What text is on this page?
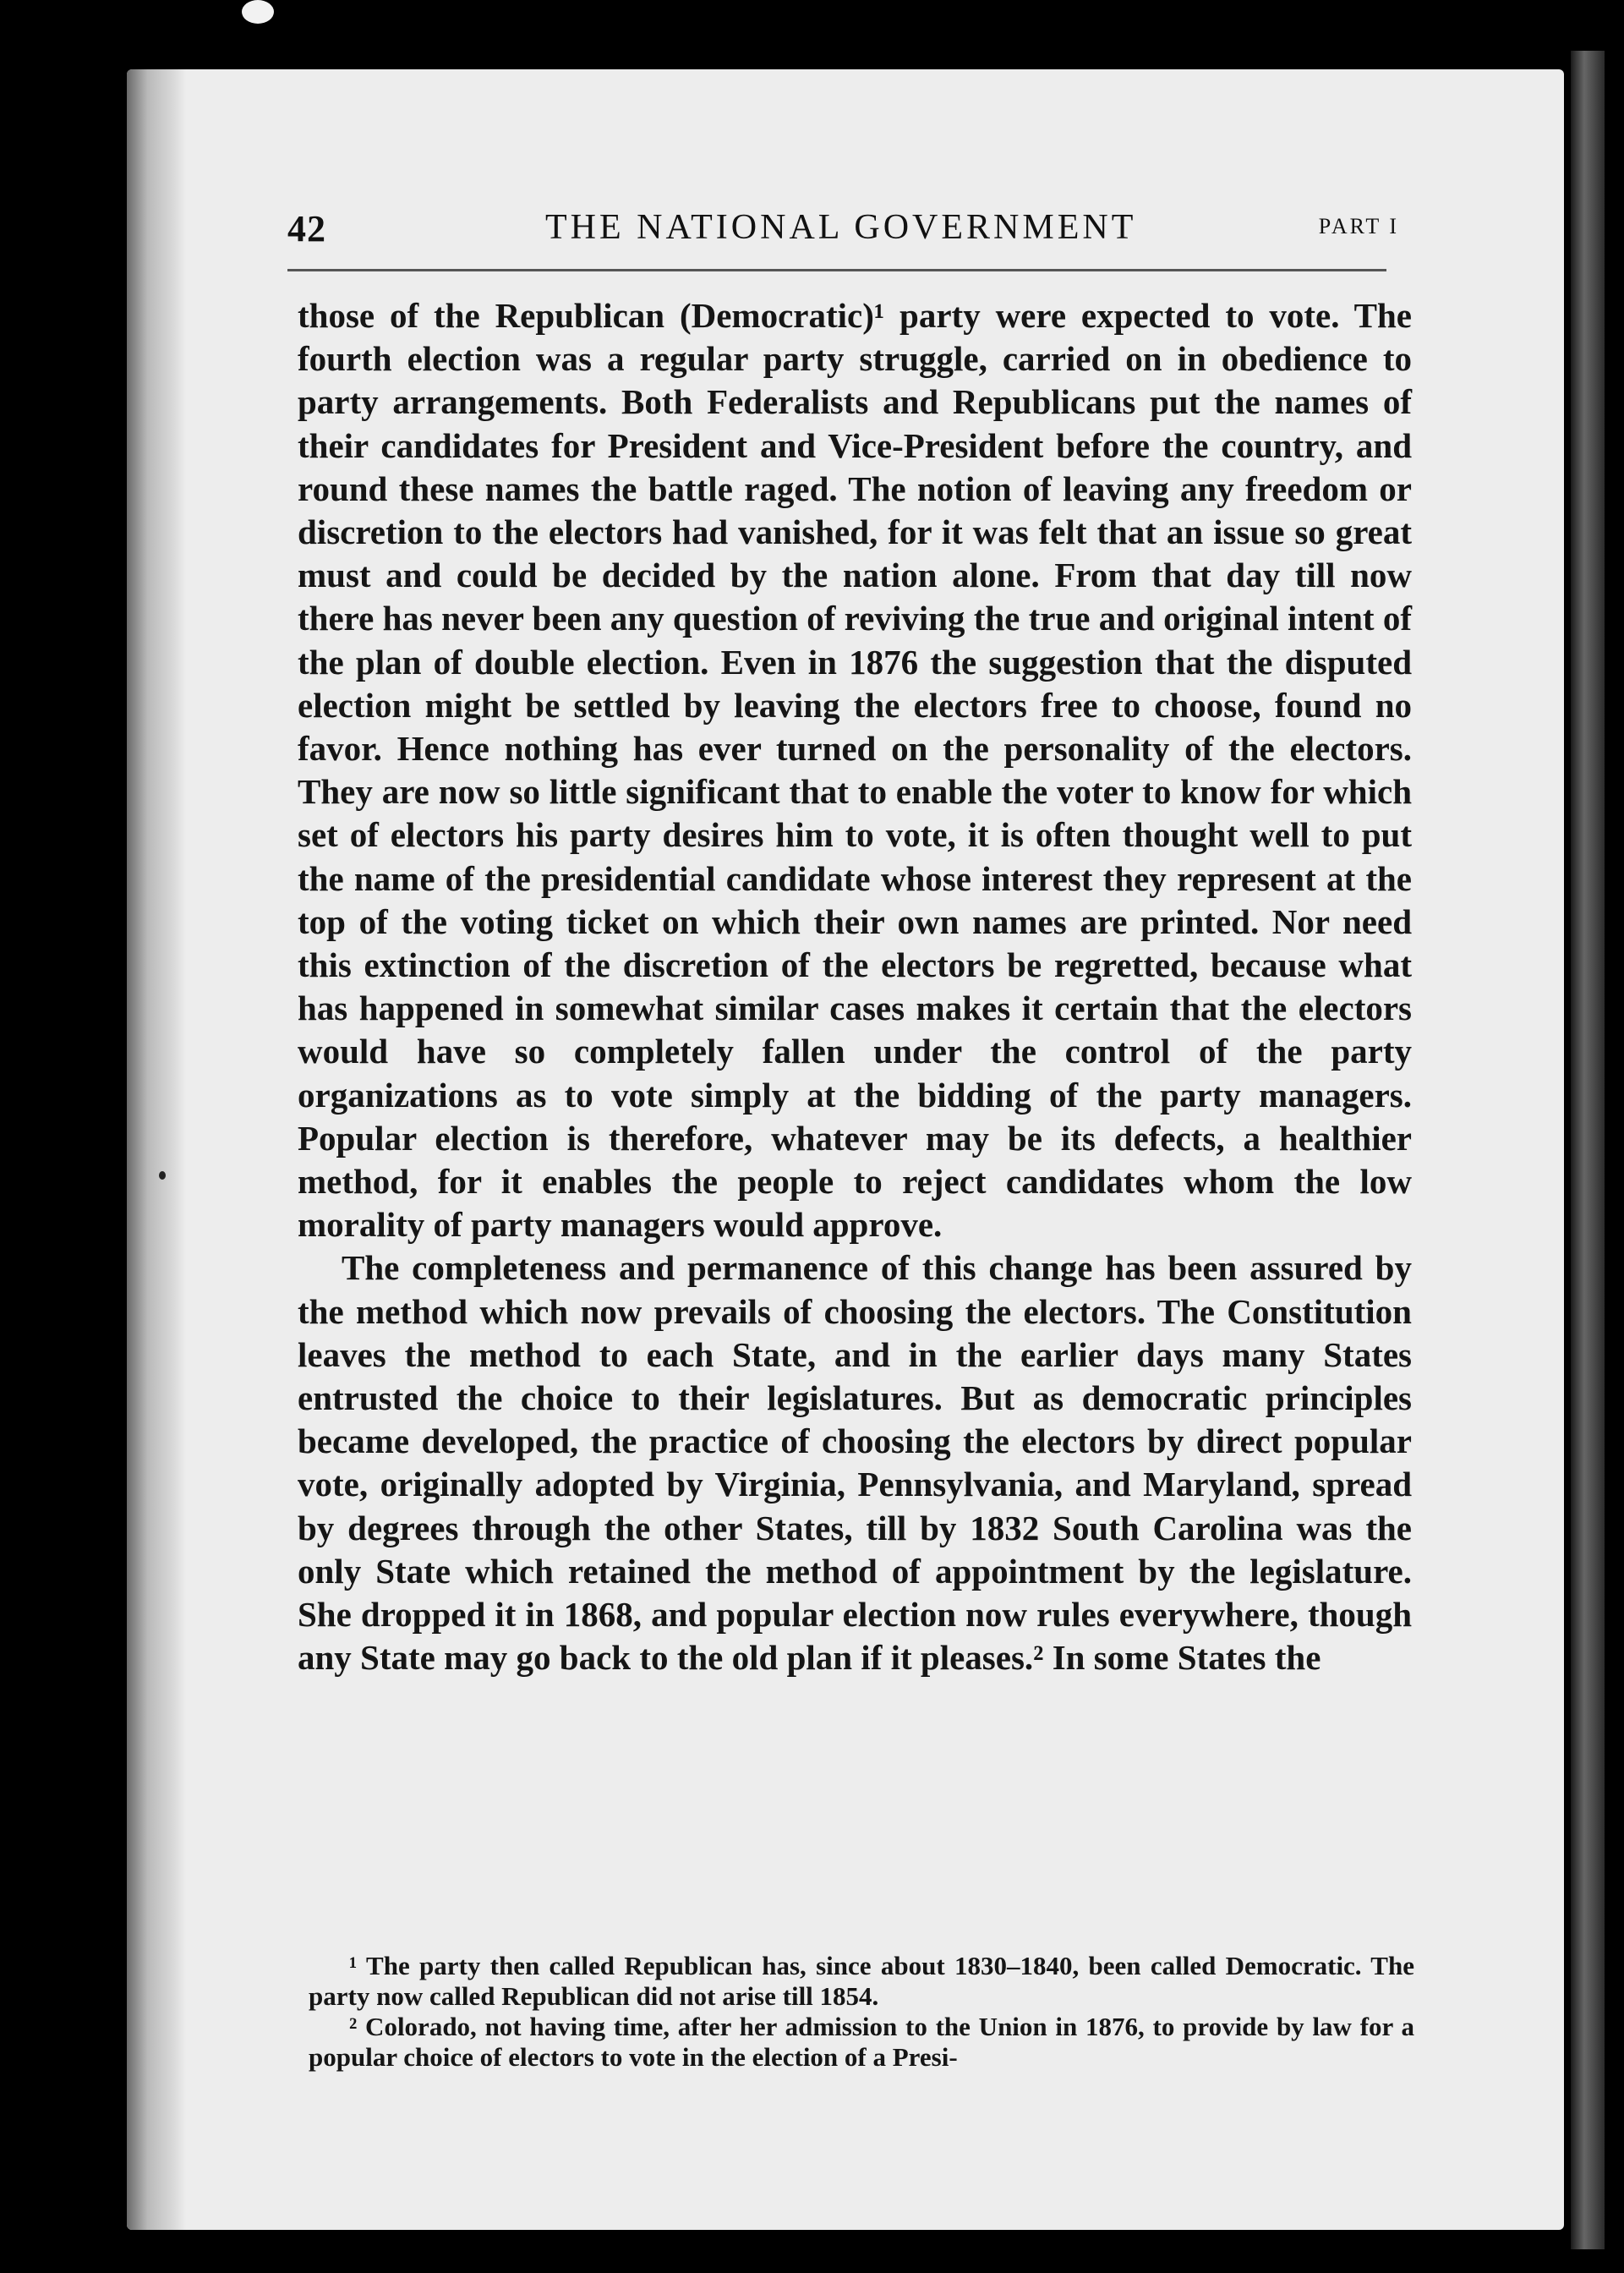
42	THE NATIONAL GOVERNMENT	PART I

those of the Republican (Democratic)¹ party were expected to vote. The fourth election was a regular party struggle, carried on in obedience to party arrangements. Both Federalists and Republicans put the names of their candidates for President and Vice-President before the country, and round these names the battle raged. The notion of leaving any freedom or discretion to the electors had vanished, for it was felt that an issue so great must and could be decided by the nation alone. From that day till now there has never been any question of reviving the true and original intent of the plan of double election. Even in 1876 the suggestion that the disputed election might be settled by leaving the electors free to choose, found no favor. Hence nothing has ever turned on the personality of the electors. They are now so little significant that to enable the voter to know for which set of electors his party desires him to vote, it is often thought well to put the name of the presidential candidate whose interest they represent at the top of the voting ticket on which their own names are printed. Nor need this extinction of the discretion of the electors be regretted, because what has happened in somewhat similar cases makes it certain that the electors would have so completely fallen under the control of the party organizations as to vote simply at the bidding of the party managers. Popular election is therefore, whatever may be its defects, a healthier method, for it enables the people to reject candidates whom the low morality of party managers would approve.

The completeness and permanence of this change has been assured by the method which now prevails of choosing the electors. The Constitution leaves the method to each State, and in the earlier days many States entrusted the choice to their legislatures. But as democratic principles became developed, the practice of choosing the electors by direct popular vote, originally adopted by Virginia, Pennsylvania, and Maryland, spread by degrees through the other States, till by 1832 South Carolina was the only State which retained the method of appointment by the legislature. She dropped it in 1868, and popular election now rules everywhere, though any State may go back to the old plan if it pleases.² In some States the

¹ The party then called Republican has, since about 1830–1840, been called Democratic. The party now called Republican did not arise till 1854.

² Colorado, not having time, after her admission to the Union in 1876, to provide by law for a popular choice of electors to vote in the election of a Presi-
